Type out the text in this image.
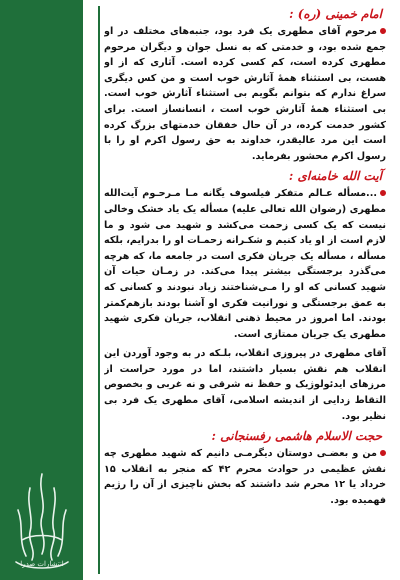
انتشارات صدرا
امام خمینی (ره) :

مرحوم آقای مطهری یک فرد بود، جنبه‌های مختلف در او جمع شده بود، و خدمتی که به نسل جوان و دیگران مرحوم مطهری کرده است، کم کسی کرده است. آثاری که از او هست، بی استثناء همهٔ آثارش خوب است و من کس دیگری سراغ ندارم که بتوانم بگویم بی استثناء آثارش خوب است. بی استثناء همهٔ آثارش خوب است ، انسانساز است. برای کشور خدمت کرده، در آن حال خفقان خدمتهای بزرگ کرده است این مرد عالیقدر، خداوند به حق رسول اکرم او را با رسول اکرم محشور بفرماید.

آیت الله خامنه‌ای :

...مسأله عـالم متفکر فیلسوف یگانه مـا مـرحـوم آیت‌الله مطهری (رضوان الله تعالی علیه) مسأله یک یاد خشک وخالی نیست که یک کسی زحمت می‌کشد و شهید می شود و ما لازم است از او یاد کنیم و شکـرانه زحمـات او را بدرایم، بلکه مسأله ، مسأله یک جریان فکری است در جامعه ما، که هرچه می‌گذرد برجستگی بیشتر پیدا می‌کند. در زمـان حیات آن شهید کسانی که او را مـی‌شناختند زیاد نبودند و کسانی که به عمق برجستگی و نورانیت فکری او آشنا بودند بازهم‌کمتر بودند. اما امروز در محیط ذهنی انقلاب، جریان فکری شهید مطهری یک جریان ممتازی است.

آقای مطهری در پیروزی انقلاب، بلـکه در به وجود آوردن این انقلاب هم نقش بسیار داشتند، اما در مورد حراست از مرزهای ایدئولوژیک و حفظ نه شرقی و نه غربی و بخصوص التقاط زدایی از اندیشه اسلامی، آقای مطهری یک فرد بی نظیر بود.

حجت الاسلام هاشمی رفسنجانی :

من و بعضـی دوستان دیگرمـی دانیم که شهید مطهری چه نقش عظیمی در حوادث محرم ۴۲ که منجر به انقلاب ۱۵ خرداد یا ۱۲ محرم شد داشتند که بخش ناچیزی از آن را رژیم فهمیده بود.
